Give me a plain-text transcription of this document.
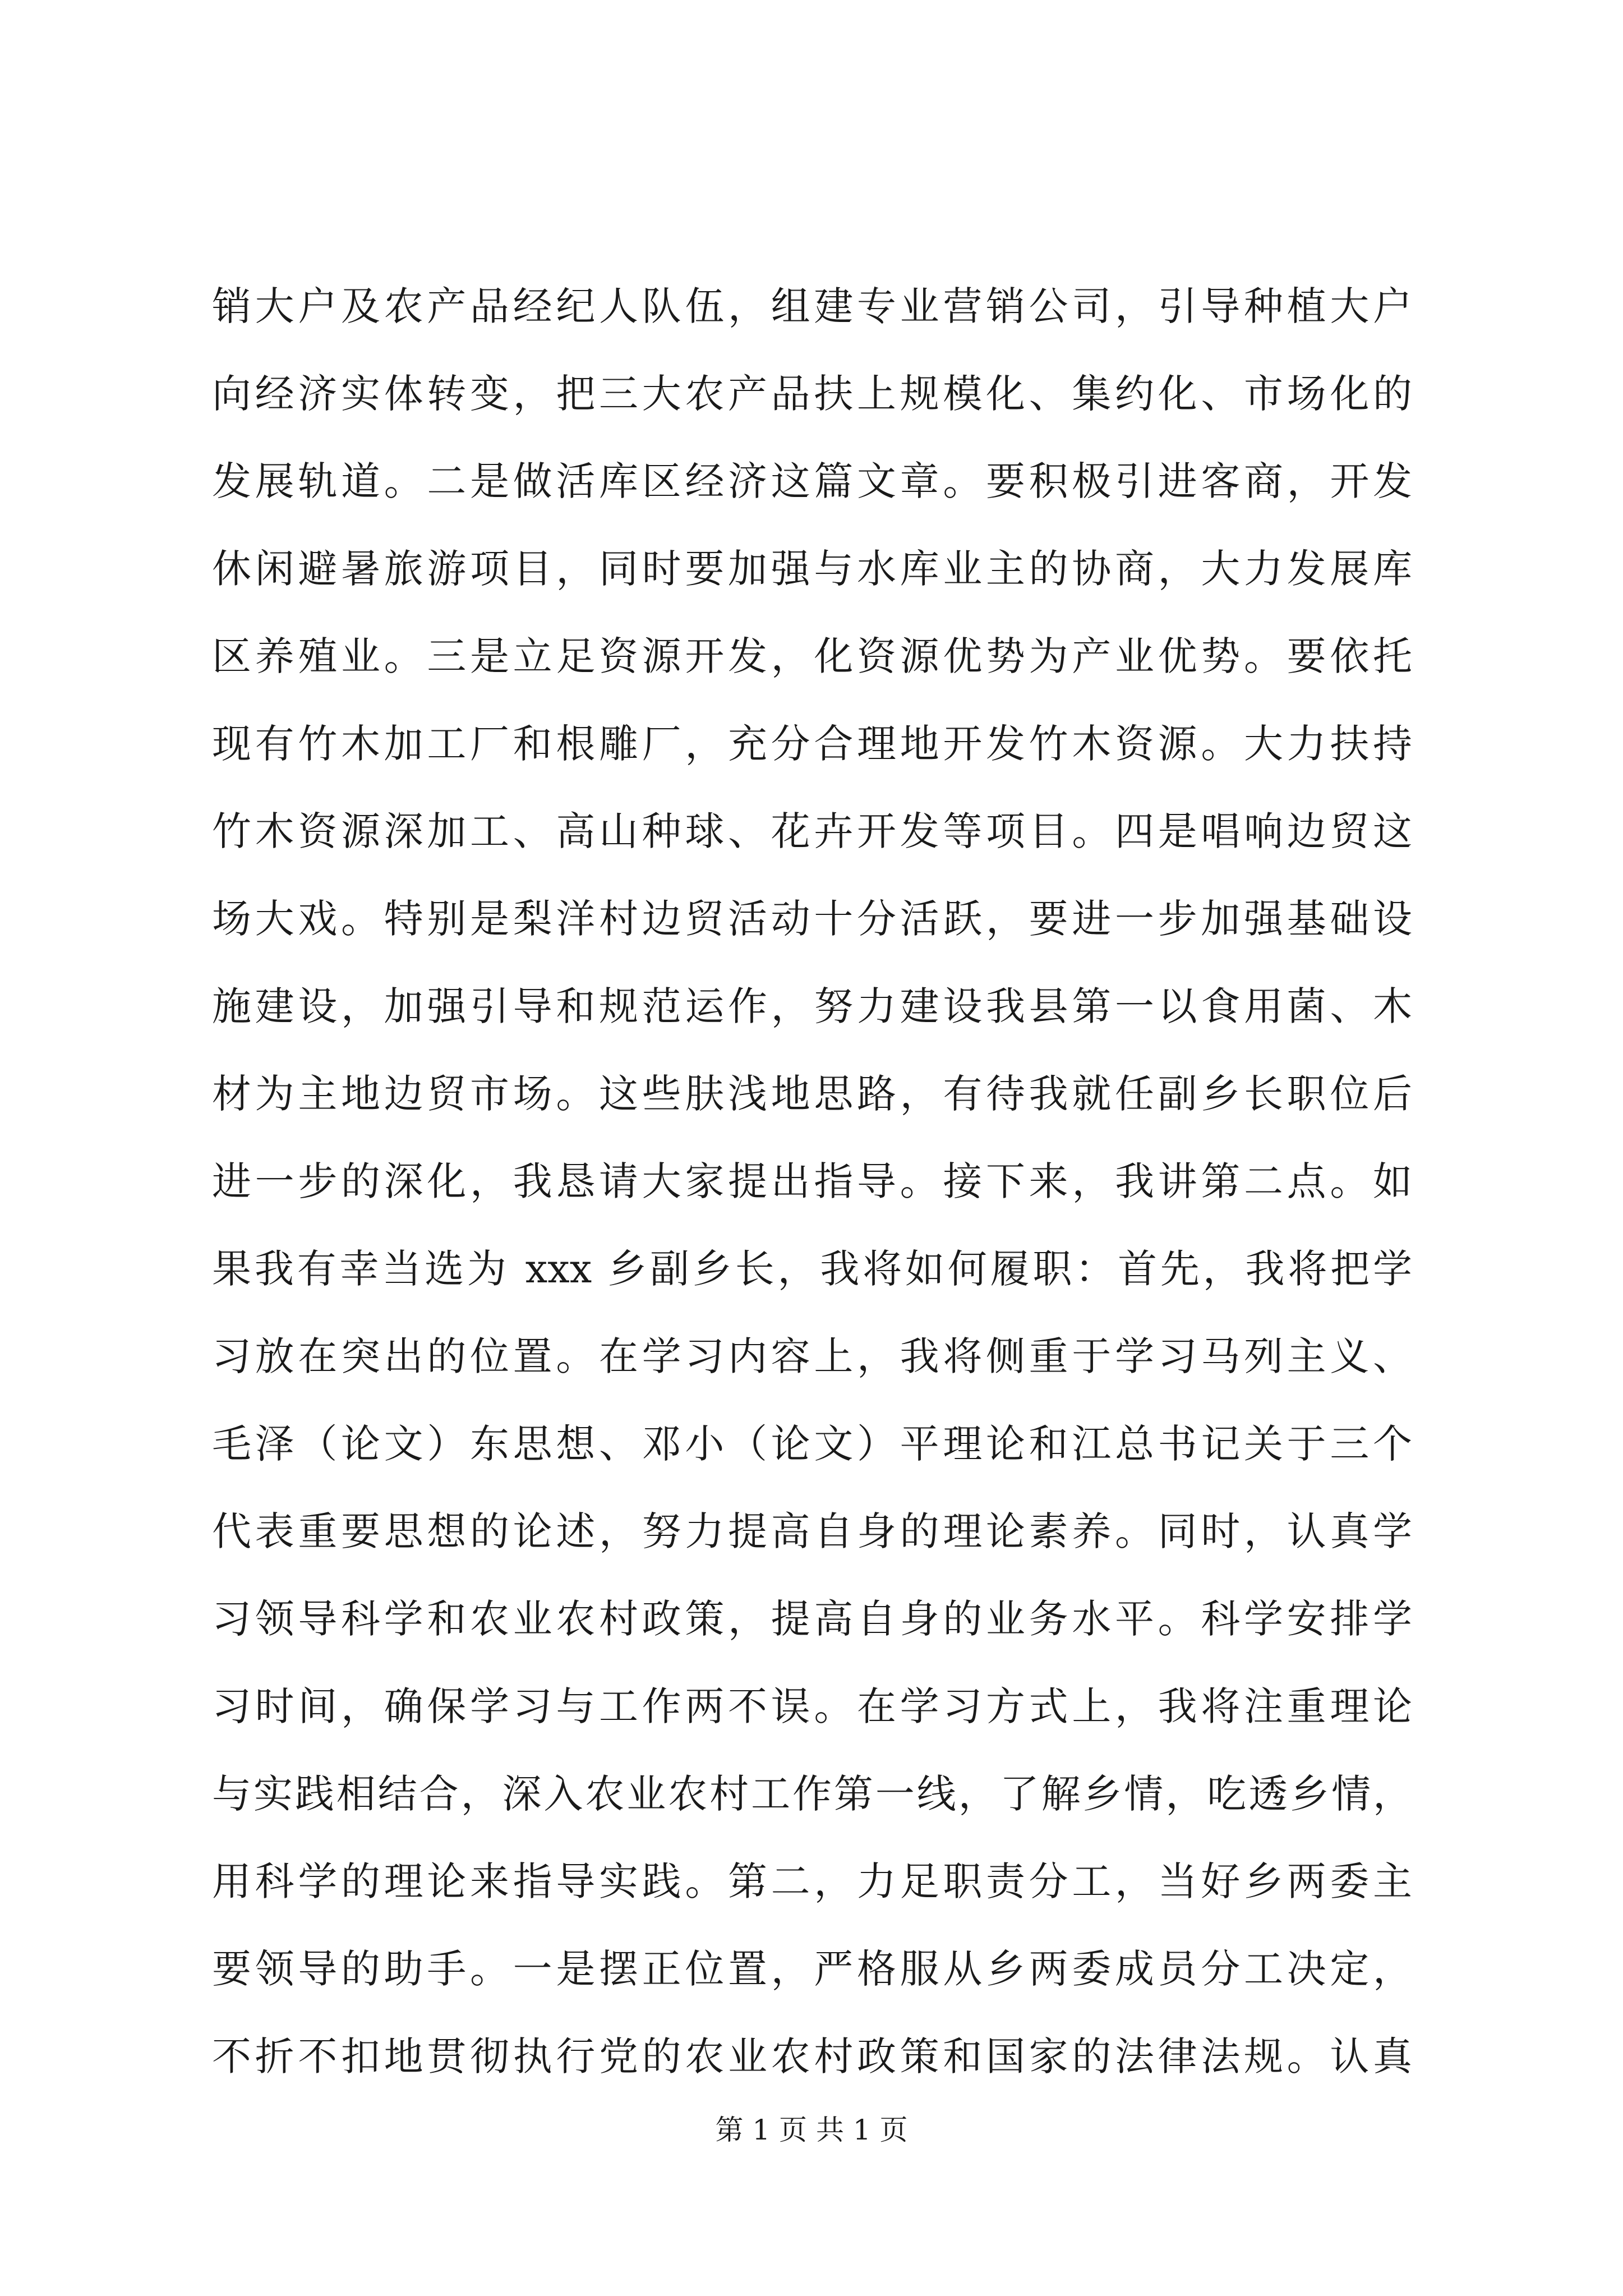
销大户及农产品经纪人队伍，组建专业营销公司，引导种植大户
向经济实体转变，把三大农产品扶上规模化、集约化、市场化的
发展轨道。二是做活库区经济这篇文章。要积极引进客商，开发
休闲避暑旅游项目，同时要加强与水库业主的协商，大力发展库
区养殖业。三是立足资源开发，化资源优势为产业优势。要依托
现有竹木加工厂和根雕厂，充分合理地开发竹木资源。大力扶持
竹木资源深加工、高山种球、花卉开发等项目。四是唱响边贸这
场大戏。特别是梨洋村边贸活动十分活跃，要进一步加强基础设
施建设，加强引导和规范运作，努力建设我县第一以食用菌、木
材为主地边贸市场。这些肤浅地思路，有待我就任副乡长职位后
进一步的深化，我恳请大家提出指导。接下来，我讲第二点。如
果我有幸当选为 xxx 乡副乡长，我将如何履职：首先，我将把学
习放在突出的位置。在学习内容上，我将侧重于学习马列主义、
毛泽（论文）东思想、邓小（论文）平理论和江总书记关于三个
代表重要思想的论述，努力提高自身的理论素养。同时，认真学
习领导科学和农业农村政策，提高自身的业务水平。科学安排学
习时间，确保学习与工作两不误。在学习方式上，我将注重理论
与实践相结合，深入农业农村工作第一线，了解乡情，吃透乡情，
用科学的理论来指导实践。第二，力足职责分工，当好乡两委主
要领导的助手。一是摆正位置，严格服从乡两委成员分工决定，
不折不扣地贯彻执行党的农业农村政策和国家的法律法规。认真
第 1 页 共 1 页
